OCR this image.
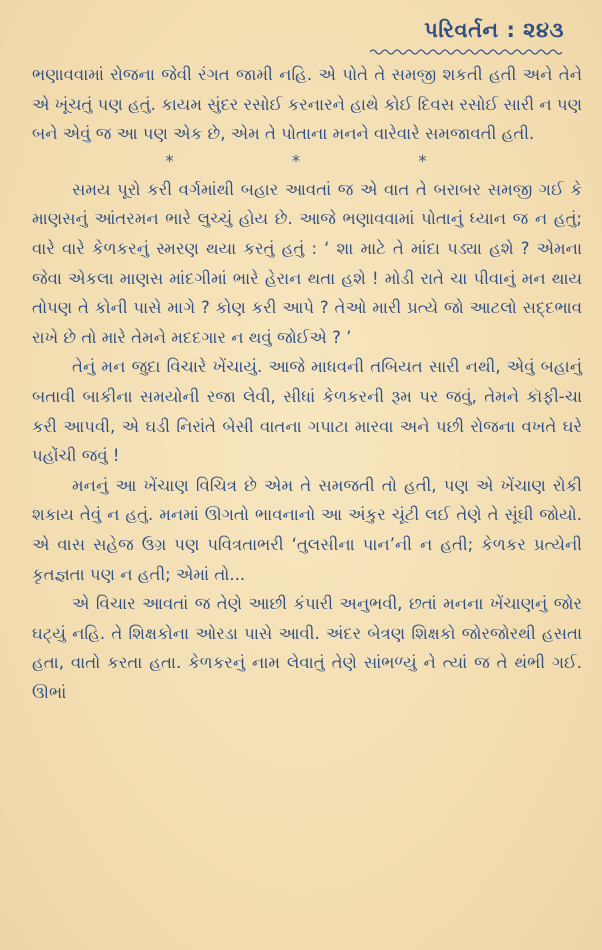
પરિવર્તન : ૨૪૩

ભણાવવામાં રોજના જેવી રંગત જામી નહિ. એ પોતે તે સમજી શકતી હતી અને તેને એ ખૂંચતું પણ હતું. કાયમ સુંદર રસોઈ કરનારને હાથે કોઈ દિવસ રસોઈ સારી ન પણ બને એવું જ આ પણ એક છે, એમ તે પોતાના મનને વારેવારે સમજાવતી હતી.

*	*	*

સમય પૂરો કરી વર્ગમાંથી બહાર આવતાં જ એ વાત તે બરાબર સમજી ગઈ કે માણસનું આંતરમન ભારે લુચ્ચું હોય છે. આજે ભણાવવામાં પોતાનું ધ્યાન જ ન હતું; વારે વારે કેળકરનું સ્મરણ થયા કરતું હતું : ‘ શા માટે તે માંદા પડ્યા હશે ? એમના જેવા એકલા માણસ માંદગીમાં ભારે હેરાન થતા હશે ! મોડી રાતે ચા પીવાનું મન થાય તોપણ તે કોની પાસે માગે ? કોણ કરી આપે ? તેઓ મારી પ્રત્યે જો આટલો સદ્દભાવ રાખે છે તો મારે તેમને મદદગાર ન થવું જોઈએ ? ’

તેનું મન જુદા વિચારે ખેંચાયું. આજે માધવની તબિયત સારી નથી, એવું બહાનું બતાવી બાકીના સમયોની રજા લેવી, સીધાં કેળકરની રૂમ પર જવું, તેમને કૉફી-ચા કરી આપવી, એ ઘડી નિરાંતે બેસી વાતના ગપાટા મારવા અને પછી રોજના વખતે ઘરે પહોંચી જવું !

મનનું આ ખેંચાણ વિચિત્ર છે એમ તે સમજતી તો હતી, પણ એ ખેંચાણ રોકી શકાય તેવું ન હતું. મનમાં ઊગતો ભાવનાનો આ અંકુર ચૂંટી લઈ તેણે તે સૂંઘી જોયો. એ વાસ સહેજ ઉગ્ર પણ પવિત્રતાભરી ‘તુલસીના પાન’ની ન હતી; કેળકર પ્રત્યેની કૃતજ્ઞતા પણ ન હતી; એમાં તો...

એ વિચાર આવતાં જ તેણે આછી કંપારી અનુભવી, છતાં મનના ખેંચાણનું જોર ઘટ્યું નહિ. તે શિક્ષકોના ઓરડા પાસે આવી. અંદર બેત્રણ શિક્ષકો જોરજોરથી હસતા હતા, વાતો કરતા હતા. કેળકરનું નામ લેવાતું તેણે સાંભળ્યું ને ત્યાં જ તે થંભી ગઈ. ઊભાં
